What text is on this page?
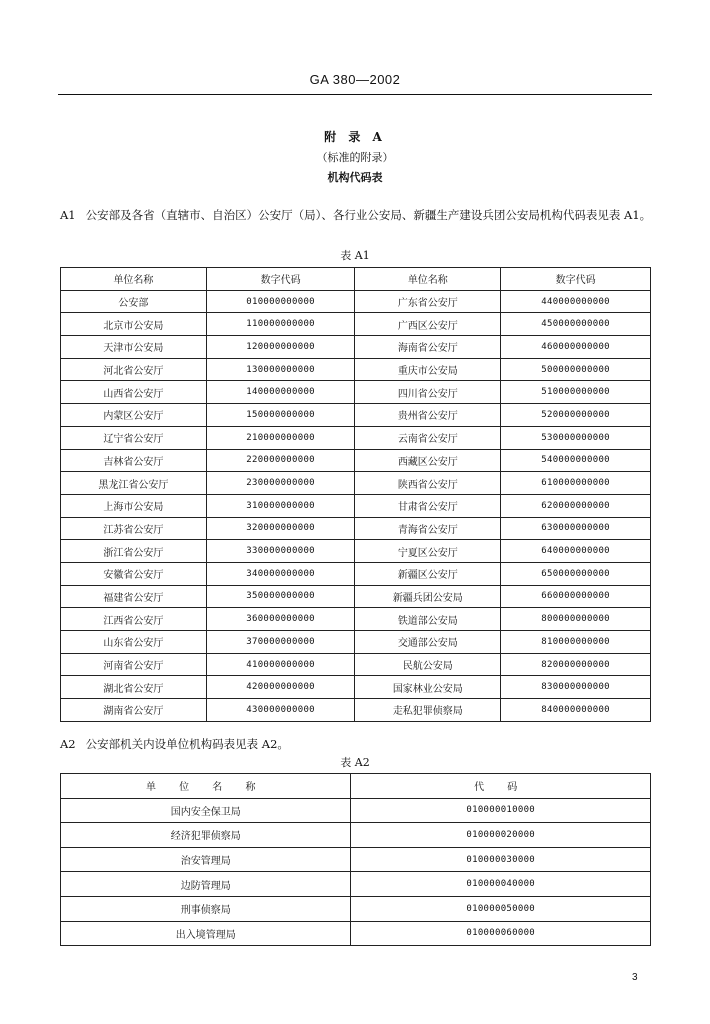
GA 380—2002
附 录 A
（标准的附录）
机构代码表
A1 公安部及各省（直辖市、自治区）公安厅（局）、各行业公安局、新疆生产建设兵团公安局机构代码表见表 A1。
表 A1
单位名称	数字代码	单位名称	数字代码
公安部	010000000000	广东省公安厅	440000000000
北京市公安局	110000000000	广西区公安厅	450000000000
天津市公安局	120000000000	海南省公安厅	460000000000
河北省公安厅	130000000000	重庆市公安局	500000000000
山西省公安厅	140000000000	四川省公安厅	510000000000
内蒙区公安厅	150000000000	贵州省公安厅	520000000000
辽宁省公安厅	210000000000	云南省公安厅	530000000000
吉林省公安厅	220000000000	西藏区公安厅	540000000000
黑龙江省公安厅	230000000000	陕西省公安厅	610000000000
上海市公安局	310000000000	甘肃省公安厅	620000000000
江苏省公安厅	320000000000	青海省公安厅	630000000000
浙江省公安厅	330000000000	宁夏区公安厅	640000000000
安徽省公安厅	340000000000	新疆区公安厅	650000000000
福建省公安厅	350000000000	新疆兵团公安局	660000000000
江西省公安厅	360000000000	铁道部公安局	800000000000
山东省公安厅	370000000000	交通部公安局	810000000000
河南省公安厅	410000000000	民航公安局	820000000000
湖北省公安厅	420000000000	国家林业公安局	830000000000
湖南省公安厅	430000000000	走私犯罪侦察局	840000000000
A2 公安部机关内设单位机构码表见表 A2。
表 A2
单 位 名 称	代 码
国内安全保卫局	010000010000
经济犯罪侦察局	010000020000
治安管理局	010000030000
边防管理局	010000040000
刑事侦察局	010000050000
出入境管理局	010000060000
3
